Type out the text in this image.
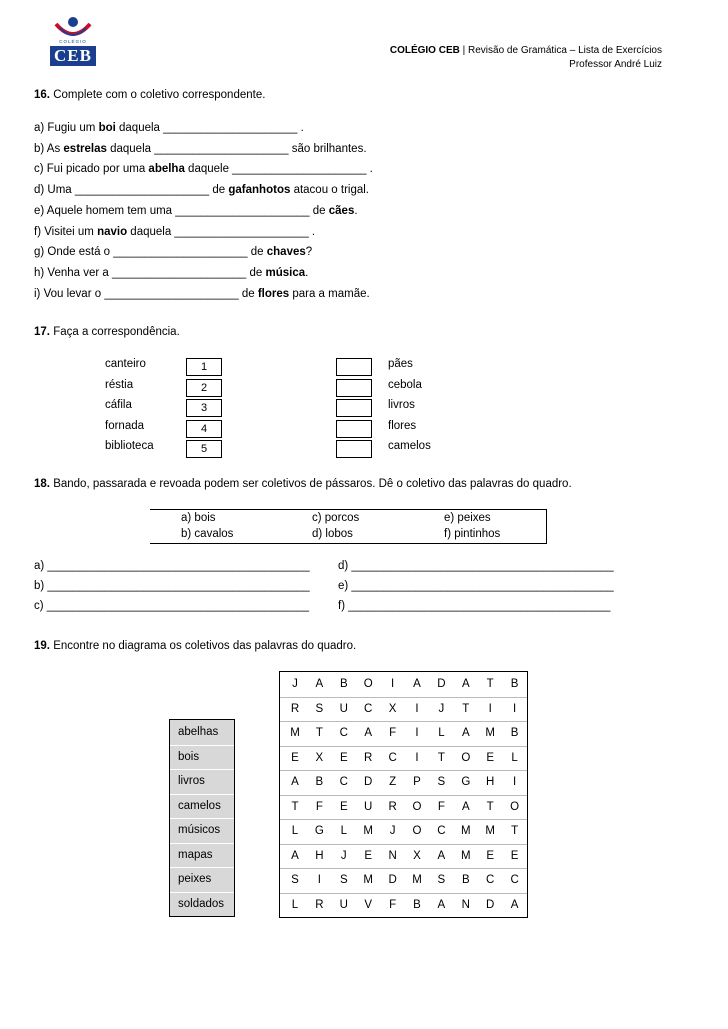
COLÉGIO
CEB	COLÉGIO CEB | Revisão de Gramática – Lista de Exercícios
Professor André Luiz
16. Complete com o coletivo correspondente.
a) Fugiu um boi daquela _____________________ .
b) As estrelas daquela _____________________ são brilhantes.
c) Fui picado por uma abelha daquele _____________________ .
d) Uma _____________________ de gafanhotos atacou o trigal.
e) Aquele homem tem uma _____________________ de cães.
f) Visitei um navio daquela _____________________ .
g) Onde está o _____________________ de chaves?
h) Venha ver a _____________________ de música.
i) Vou levar o _____________________ de flores para a mamãe.
17. Faça a correspondência.
canteiro	1	pães
réstia	2	cebola
cáfila	3	livros
fornada	4	flores
biblioteca	5	camelos
18. Bando, passarada e revoada podem ser coletivos de pássaros. Dê o coletivo das palavras do quadro.
a) bois	c) porcos	e) peixes
b) cavalos	d) lobos	f) pintinhos
a) _________________________________________
b) _________________________________________
c) _________________________________________
d) _________________________________________
e) _________________________________________
f) _________________________________________
19. Encontre no diagrama os coletivos das palavras do quadro.
abelhas
bois
livros
camelos
músicos
mapas
peixes
soldados
J	A	B	O	I	A	D	A	T	B
R	S	U	C	X	I	J	T	I	I
M	T	C	A	F	I	L	A	M	B
E	X	E	R	C	I	T	O	E	L
A	B	C	D	Z	P	S	G	H	I
T	F	E	U	R	O	F	A	T	O
L	G	L	M	J	O	C	M	M	T
A	H	J	E	N	X	A	M	E	E
S	I	S	M	D	M	S	B	C	C
L	R	U	V	F	B	A	N	D	A
